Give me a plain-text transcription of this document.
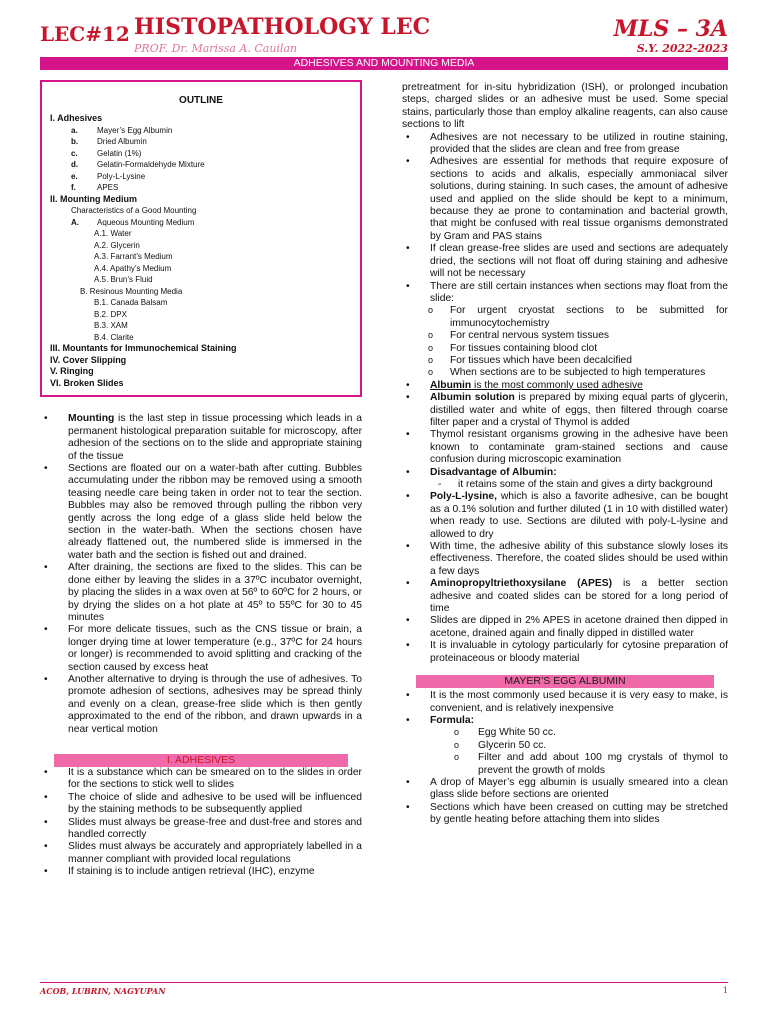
LEC#12 HISTOPATHOLOGY LEC
PROF. Dr. Marissa A. Cauilan
MLS – 3A
S.Y. 2022-2023
ADHESIVES AND MOUNTING MEDIA
OUTLINE
I. Adhesives
a. Mayer’s Egg Albumin
b. Dried Albumin
c. Gelatin (1%)
d. Gelatin-Formaldehyde Mixture
e. Poly-L-Lysine
f.	APES
II. Mounting Medium
Characteristics of a Good Mounting
A. Aqueous Mounting Medium
A.1. Water
A.2. Glycerin
A.3. Farrant’s Medium
A.4. Apathy’s Medium
A.5. Brun’s Fluid
B. Resinous Mounting Media
B.1. Canada Balsam
B.2. DPX
B.3. XAM
B.4. Clarite
III. Mountants for Immunochemical Staining
IV. Cover Slipping
V. Ringing
VI. Broken Slides
• Mounting is the last step in tissue processing which leads in a permanent histological preparation suitable for microscopy, after adhesion of the sections on to the slide and appropriate staining of the tissue
• Sections are floated our on a water-bath after cutting. Bubbles accumulating under the ribbon may be removed using a smooth teasing needle care being taken in order not to tear the section. Bubbles may also be removed through pulling the ribbon very gently across the long edge of a glass slide held below the section in the water-bath. When the sections chosen have already flattened out, the numbered slide is immersed in the water bath and the section is fished out and drained.
• After draining, the sections are fixed to the slides. This can be done either by leaving the slides in a 37ºC incubator overnight, by placing the slides in a wax oven at 56º to 60ºC for 2 hours, or by drying the slides on a hot plate at 45º to 55ºC for 30 to 45 minutes
• For more delicate tissues, such as the CNS tissue or brain, a longer drying time at lower temperature (e.g., 37ºC for 24 hours or longer) is recommended to avoid splitting and cracking of the section caused by excess heat
• Another alternative to drying is through the use of adhesives. To promote adhesion of sections, adhesives may be spread thinly and evenly on a clean, grease-free slide which is then gently approximated to the end of the ribbon, and drawn upwards in a near vertical motion
I. ADHESIVES
• It is a substance which can be smeared on to the slides in order for the sections to stick well to slides
• The choice of slide and adhesive to be used will be influenced by the staining methods to be subsequently applied
• Slides must always be grease-free and dust-free and stores and handled correctly
• Slides must always be accurately and appropriately labelled in a manner compliant with provided local regulations
• If staining is to include antigen retrieval (IHC), enzyme
pretreatment for in-situ hybridization (ISH), or prolonged incubation steps, charged slides or an adhesive must be used. Some special stains, particularly those than employ alkaline reagents, can also cause sections to lift
• Adhesives are not necessary to be utilized in routine staining, provided that the slides are clean and free from grease
• Adhesives are essential for methods that require exposure of sections to acids and alkalis, especially ammoniacal silver solutions, during staining. In such cases, the amount of adhesive used and applied on the slide should be kept to a minimum, because they ae prone to contamination and bacterial growth, that might be confused with real tissue organisms demonstrated by Gram and PAS stains
• If clean grease-free slides are used and sections are adequately dried, the sections will not float off during staining and adhesive will not be necessary
• There are still certain instances when sections may float from the slide:
o For urgent cryostat sections to be submitted for immunocytochemistry
o For central nervous system tissues
o For tissues containing blood clot
o For tissues which have been decalcified
o When sections are to be subjected to high temperatures
• Albumin is the most commonly used adhesive
• Albumin solution is prepared by mixing equal parts of glycerin, distilled water and white of eggs, then filtered through coarse filter paper and a crystal of Thymol is added
• Thymol resistant organisms growing in the adhesive have been known to contaminate gram-stained sections and cause confusion during microscopic examination
• Disadvantage of Albumin:
- it retains some of the stain and gives a dirty background
• Poly-L-lysine, which is also a favorite adhesive, can be bought as a 0.1% solution and further diluted (1 in 10 with distilled water) when ready to use. Sections are diluted with poly-L-lysine and allowed to dry
• With time, the adhesive ability of this substance slowly loses its effectiveness. Therefore, the coated slides should be used within a few days
• Aminopropyltriethoxysilane (APES) is a better section adhesive and coated slides can be stored for a long period of time
• Slides are dipped in 2% APES in acetone drained then dipped in acetone, drained again and finally dipped in distilled water
• It is invaluable in cytology particularly for cytosine preparation of proteinaceous or bloody material
MAYER’S EGG ALBUMIN
• It is the most commonly used because it is very easy to make, is convenient, and is relatively inexpensive
• Formula:
o Egg White 50 cc.
o Glycerin 50 cc.
o Filter and add about 100 mg crystals of thymol to prevent the growth of molds
• A drop of Mayer’s egg albumin is usually smeared into a clean glass slide before sections are oriented
• Sections which have been creased on cutting may be stretched by gentle heating before attaching them into slides
ACOB, LUBRIN, NAGYUPAN	1
